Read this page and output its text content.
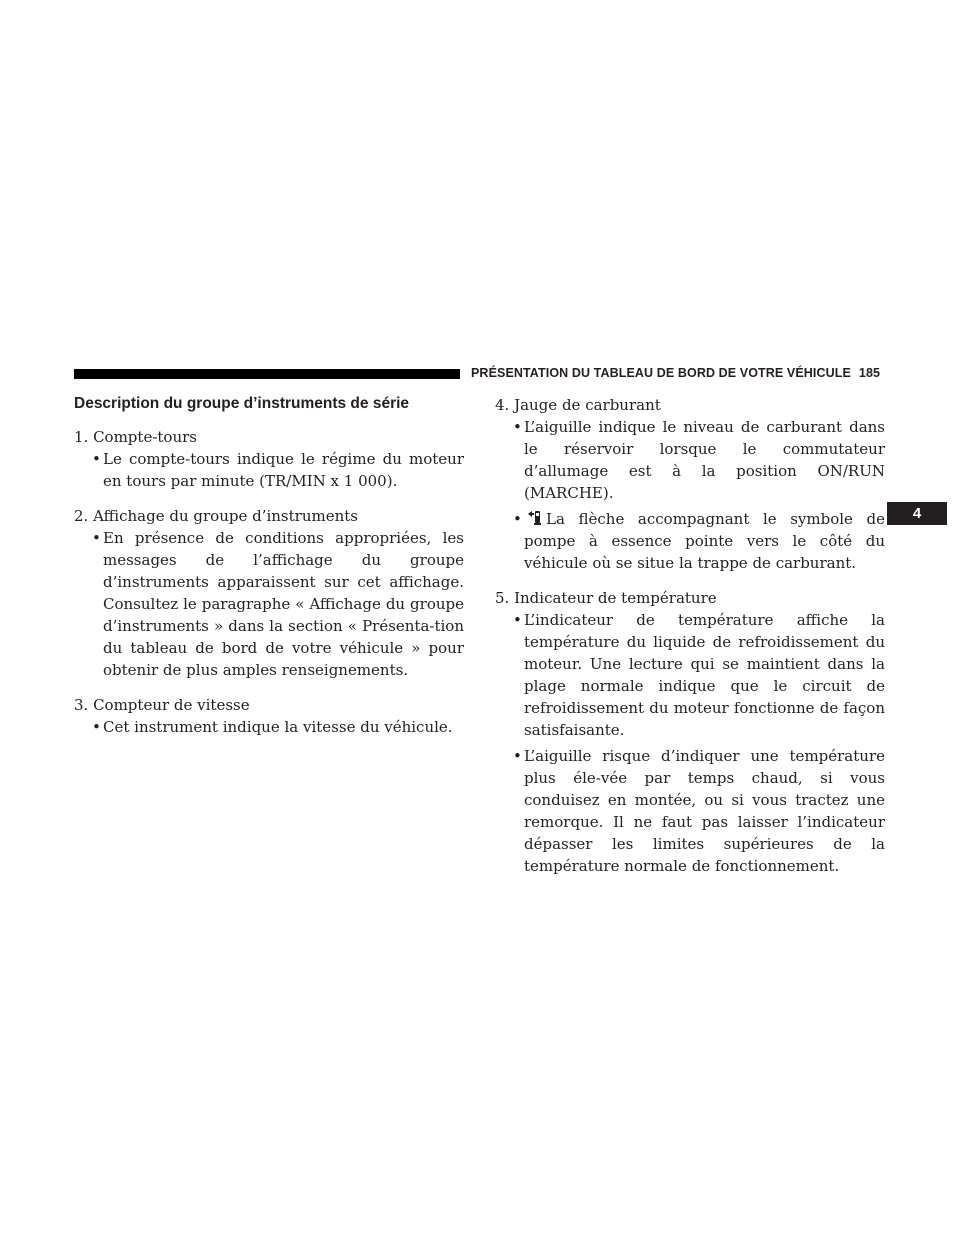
PRÉSENTATION DU TABLEAU DE BORD DE VOTRE VÉHICULE 185
4
Description du groupe d’instruments de série
1. Compte-tours
• Le compte-tours indique le régime du moteur en tours par minute (TR/MIN x 1 000).
2. Affichage du groupe d’instruments
• En présence de conditions appropriées, les messages de l’affichage du groupe d’instruments apparaissent sur cet affichage. Consultez le paragraphe « Affichage du groupe d’instruments » dans la section « Présenta-tion du tableau de bord de votre véhicule » pour obtenir de plus amples renseignements.
3. Compteur de vitesse
• Cet instrument indique la vitesse du véhicule.
4. Jauge de carburant
• L’aiguille indique le niveau de carburant dans le réservoir lorsque le commutateur d’allumage est à la position ON/RUN (MARCHE).
• La flèche accompagnant le symbole de pompe à essence pointe vers le côté du véhicule où se situe la trappe de carburant.
5. Indicateur de température
• L’indicateur de température affiche la température du liquide de refroidissement du moteur. Une lecture qui se maintient dans la plage normale indique que le circuit de refroidissement du moteur fonctionne de façon satisfaisante.
• L’aiguille risque d’indiquer une température plus éle-vée par temps chaud, si vous conduisez en montée, ou si vous tractez une remorque. Il ne faut pas laisser l’indicateur dépasser les limites supérieures de la température normale de fonctionnement.
